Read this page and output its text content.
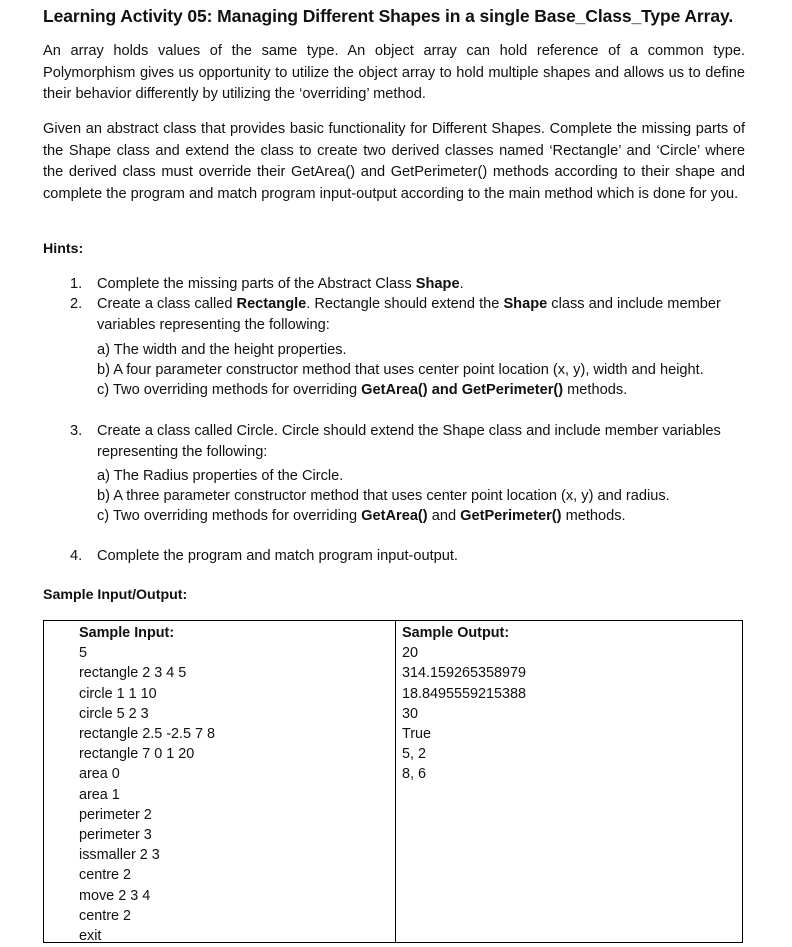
Learning Activity 05: Managing Different Shapes in a single Base_Class_Type Array.
An array holds values of the same type. An object array can hold reference of a common type. Polymorphism gives us opportunity to utilize the object array to hold multiple shapes and allows us to define their behavior differently by utilizing the ‘overriding’ method.
Given an abstract class that provides basic functionality for Different Shapes. Complete the missing parts of the Shape class and extend the class to create two derived classes named ‘Rectangle’ and ‘Circle’ where the derived class must override their GetArea() and GetPerimeter() methods according to their shape and complete the program and match program input-output according to the main method which is done for you.
Hints:
1. Complete the missing parts of the Abstract Class Shape.
2. Create a class called Rectangle. Rectangle should extend the Shape class and include member variables representing the following:
a) The width and the height properties.
b) A four parameter constructor method that uses center point location (x, y), width and height.
c) Two overriding methods for overriding GetArea() and GetPerimeter() methods.
3. Create a class called Circle. Circle should extend the Shape class and include member variables representing the following:
a) The Radius properties of the Circle.
b) A three parameter constructor method that uses center point location (x, y) and radius.
c) Two overriding methods for overriding GetArea() and GetPerimeter() methods.
4. Complete the program and match program input-output.
Sample Input/Output:
Sample Input:
5
rectangle 2 3 4 5
circle 1 1 10
circle 5 2 3
rectangle 2.5 -2.5 7 8
rectangle 7 0 1 20
area 0
area 1
perimeter 2
perimeter 3
issmaller 2 3
centre 2
move 2 3 4
centre 2
exit
Sample Output:
20
314.159265358979
18.8495559215388
30
True
5, 2
8, 6
